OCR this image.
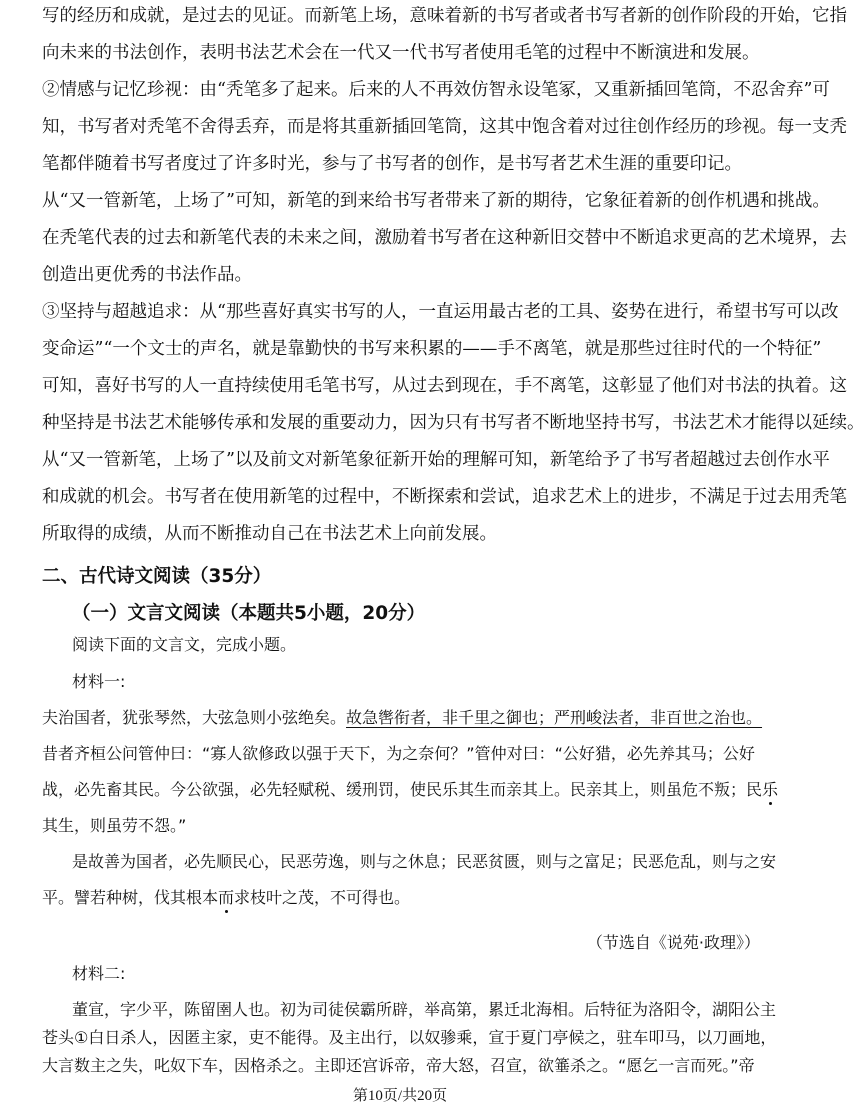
写的经历和成就，是过去的见证。而新笔上场，意味着新的书写者或者书写者新的创作阶段的开始，它指
向未来的书法创作，表明书法艺术会在一代又一代书写者使用毛笔的过程中不断演进和发展。
②情感与记忆珍视：由“秃笔多了起来。后来的人不再效仿智永设笔冢，又重新插回笔筒，不忍舍弃”可
知，书写者对秃笔不舍得丢弃，而是将其重新插回笔筒，这其中饱含着对过往创作经历的珍视。每一支秃
笔都伴随着书写者度过了许多时光，参与了书写者的创作，是书写者艺术生涯的重要印记。
从“又一管新笔，上场了”可知，新笔的到来给书写者带来了新的期待，它象征着新的创作机遇和挑战。
在秃笔代表的过去和新笔代表的未来之间，激励着书写者在这种新旧交替中不断追求更高的艺术境界，去
创造出更优秀的书法作品。
③坚持与超越追求：从“那些喜好真实书写的人，一直运用最古老的工具、姿势在进行，希望书写可以改
变命运”“一个文士的声名，就是靠勤快的书写来积累的——手不离笔，就是那些过往时代的一个特征”
可知，喜好书写的人一直持续使用毛笔书写，从过去到现在，手不离笔，这彰显了他们对书法的执着。这
种坚持是书法艺术能够传承和发展的重要动力，因为只有书写者不断地坚持书写，书法艺术才能得以延续。
从“又一管新笔，上场了”以及前文对新笔象征新开始的理解可知，新笔给予了书写者超越过去创作水平
和成就的机会。书写者在使用新笔的过程中，不断探索和尝试，追求艺术上的进步，不满足于过去用秃笔
所取得的成绩，从而不断推动自己在书法艺术上向前发展。
二、古代诗文阅读（35分）
（一）文言文阅读（本题共5小题，20分）
阅读下面的文言文，完成小题。
材料一:
夫治国者，犹张琴然，大弦急则小弦绝矣。故急辔衔者，非千里之御也；严刑峻法者，非百世之治也。
昔者齐桓公问管仲曰：“寡人欲修政以强于天下，为之奈何？”管仲对曰：“公好猎，必先养其马；公好
战，必先畜其民。今公欲强，必先轻赋税、缓刑罚，使民乐其生而亲其上。民亲其上，则虽危不叛；民乐
其生，则虽劳不怨。”
是故善为国者，必先顺民心，民恶劳逸，则与之休息；民恶贫匮，则与之富足；民恶危乱，则与之安
平。譬若种树，伐其根本而求枝叶之茂，不可得也。
（节选自《说苑·政理》）
材料二:
董宣，字少平，陈留圉人也。初为司徒侯霸所辟，举高第，累迁北海相。后特征为洛阳令，湖阳公主
苍头①白日杀人，因匿主家，吏不能得。及主出行，以奴骖乘，宣于夏门亭候之，驻车叩马，以刀画地，
大言数主之失，叱奴下车，因格杀之。主即还宫诉帝，帝大怒，召宣，欲箠杀之。“愿乞一言而死。”帝
第10页/共20页
